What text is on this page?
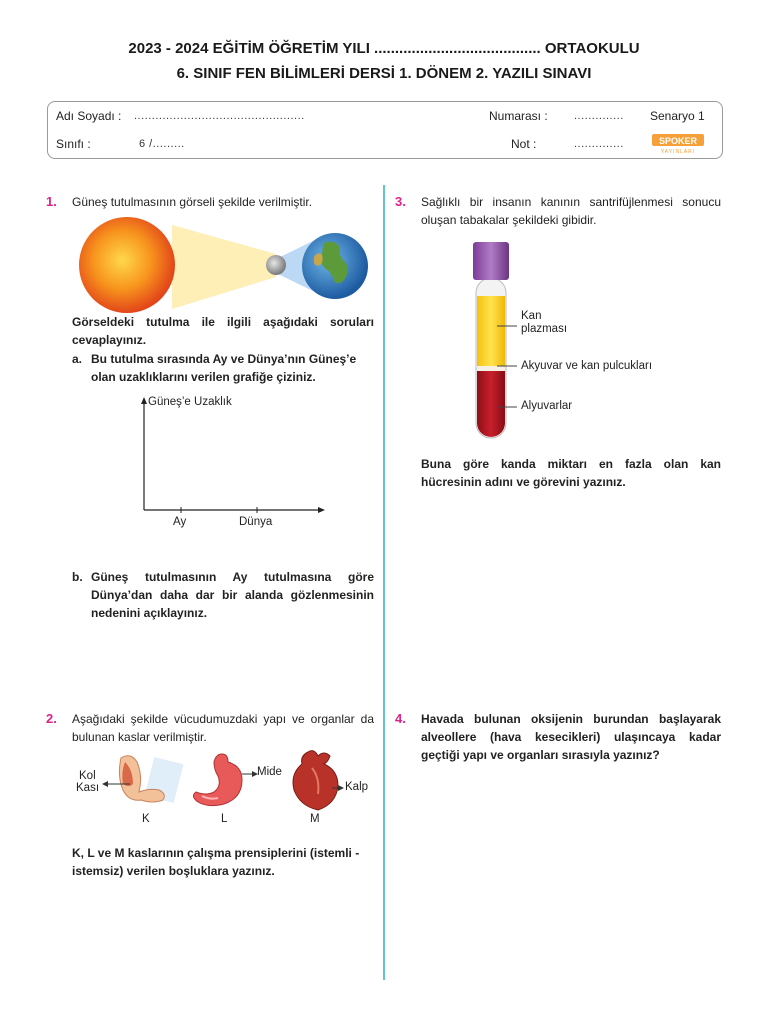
2023 - 2024 EĞİTİM ÖĞRETİM YILI ........................................ ORTAOKULU
6. SINIF FEN BİLİMLERİ DERSİ 1. DÖNEM 2. YAZILI SINAVI
Adı Soyadı : ................................................
Sınıfı :	6 /.........
Numarası : ..............
Not :	..............
Senaryo 1
SPOKER
YAYINLARI
1. Güneş tutulmasının görseli şekilde verilmiştir.
Görseldeki tutulma ile ilgili aşağıdaki soruları cevaplayınız.
a. Bu tutulma sırasında Ay ve Dünya’nın Güneş’e olan uzaklıklarını verilen grafiğe çiziniz.
Güneş’e Uzaklık
Ay	Dünya
b. Güneş tutulmasının Ay tutulmasına göre Dünya’dan daha dar bir alanda gözlenmesinin nedenini açıklayınız.
2. Aşağıdaki şekilde vücudumuzdaki yapı ve organlar da bulunan kaslar verilmiştir.
Kol
Kası
Mide
Kalp
K	L	M
K, L ve M kaslarının çalışma prensiplerini (istemli - istemsiz) verilen boşluklara yazınız.
3. Sağlıklı bir insanın kanının santrifüjlenmesi sonucu oluşan tabakalar şekildeki gibidir.
Kan
plazması
Akyuvar ve kan pulcukları
Alyuvarlar
Buna göre kanda miktarı en fazla olan kan hücresinin adını ve görevini yazınız.
4. Havada bulunan oksijenin burundan başlayarak alveollere (hava kesecikleri) ulaşıncaya kadar geçtiği yapı ve organları sırasıyla yazınız?
